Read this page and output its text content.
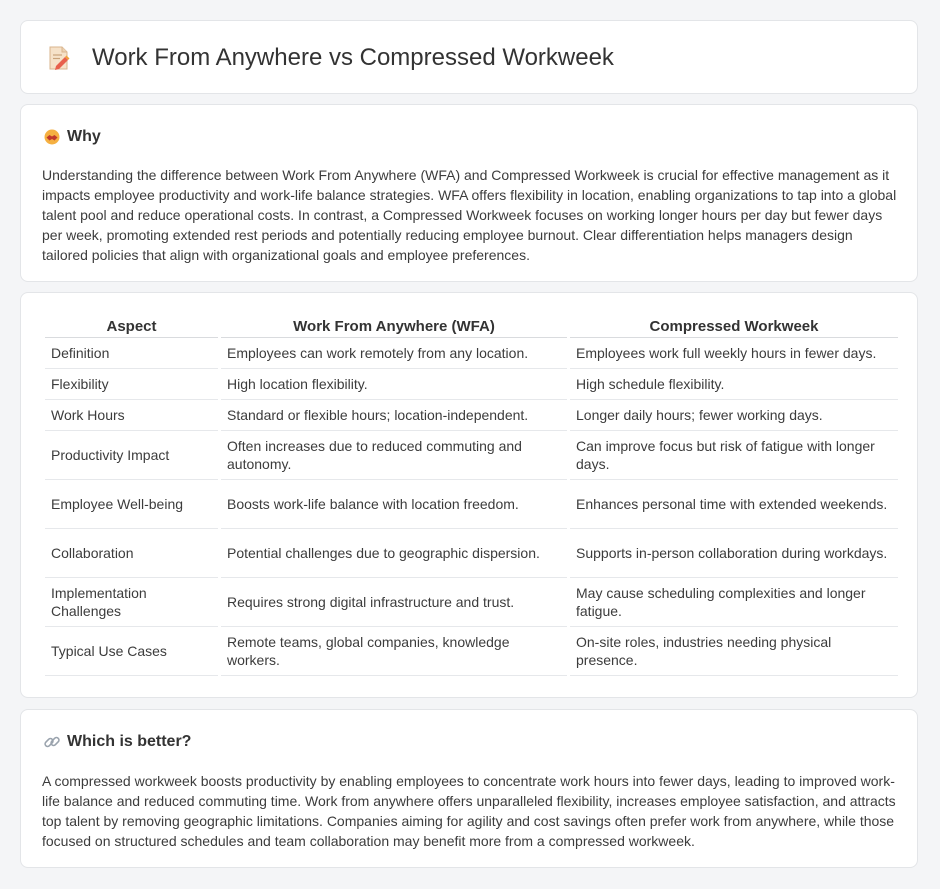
Work From Anywhere vs Compressed Workweek
Why

Understanding the difference between Work From Anywhere (WFA) and Compressed Workweek is crucial for effective management as it impacts employee productivity and work-life balance strategies. WFA offers flexibility in location, enabling organizations to tap into a global talent pool and reduce operational costs. In contrast, a Compressed Workweek focuses on working longer hours per day but fewer days per week, promoting extended rest periods and potentially reducing employee burnout. Clear differentiation helps managers design tailored policies that align with organizational goals and employee preferences.

Aspect	Work From Anywhere (WFA)	Compressed Workweek
Definition	Employees can work remotely from any location.	Employees work full weekly hours in fewer days.
Flexibility	High location flexibility.	High schedule flexibility.
Work Hours	Standard or flexible hours; location-independent.	Longer daily hours; fewer working days.
Productivity Impact	Often increases due to reduced commuting and autonomy.	Can improve focus but risk of fatigue with longer days.
Employee Well-being	Boosts work-life balance with location freedom.	Enhances personal time with extended weekends.
Collaboration	Potential challenges due to geographic dispersion.	Supports in-person collaboration during workdays.
Implementation Challenges	Requires strong digital infrastructure and trust.	May cause scheduling complexities and longer fatigue.
Typical Use Cases	Remote teams, global companies, knowledge workers.	On-site roles, industries needing physical presence.
Which is better?

A compressed workweek boosts productivity by enabling employees to concentrate work hours into fewer days, leading to improved work-life balance and reduced commuting time. Work from anywhere offers unparalleled flexibility, increases employee satisfaction, and attracts top talent by removing geographic limitations. Companies aiming for agility and cost savings often prefer work from anywhere, while those focused on structured schedules and team collaboration may benefit more from a compressed workweek.
